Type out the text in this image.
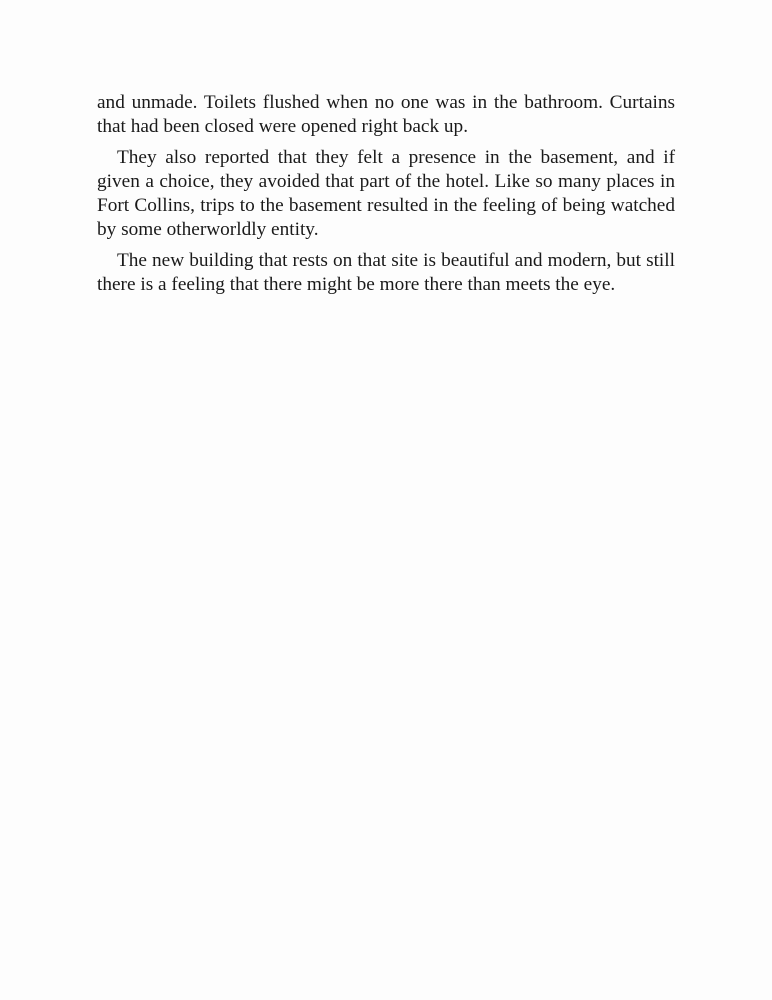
and unmade. Toilets flushed when no one was in the bathroom. Curtains that had been closed were opened right back up.

They also reported that they felt a presence in the basement, and if given a choice, they avoided that part of the hotel. Like so many places in Fort Collins, trips to the basement resulted in the feeling of being watched by some otherworldly entity.

The new building that rests on that site is beautiful and modern, but still there is a feeling that there might be more there than meets the eye.
